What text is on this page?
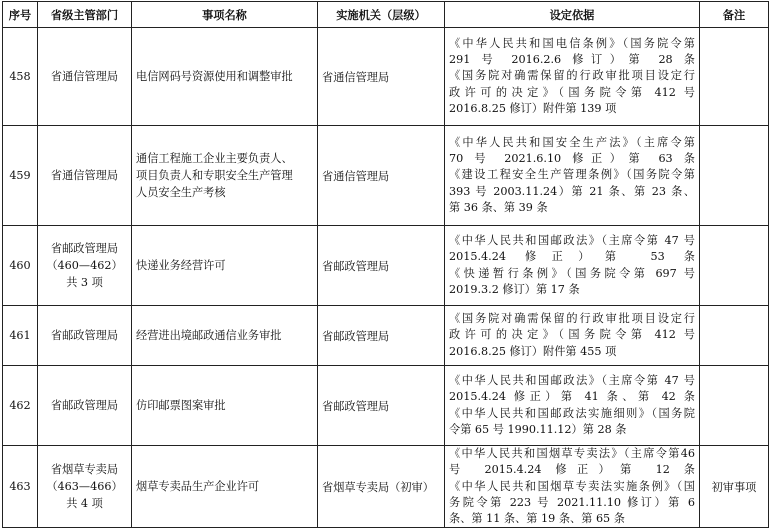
序号	省级主管部门	事项名称	实施机关（层级）	设定依据	备注
458	省通信管理局	电信网码号资源使用和调整审批	省通信管理局	《中华人民共和国电信条例》（国务院令第
291 号 2016.2.6 修订）第 28 条
《国务院对确需保留的行政审批项目设定行
政许可的决定》（国务院令第 412 号
2016.8.25 修订）附件第 139 项	

459	省通信管理局	通信工程施工企业主要负责人、
项目负责人和专职安全生产管理
人员安全生产考核	省通信管理局	《中华人民共和国安全生产法》（主席令第
70 号 2021.6.10 修正）第 63 条
《建设工程安全生产管理条例》（国务院令第
393 号 2003.11.24）第 21 条、第 23 条、
第 36 条、第 39 条	

460	省邮政管理局
（460—462）
共 3 项	快递业务经营许可	省邮政管理局	《中华人民共和国邮政法》（主席令第 47 号
2015.4.24 修正）第 53 条
《快递暂行条例》（国务院令第 697 号
2019.3.2 修订）第 17 条	

461	省邮政管理局	经营进出境邮政通信业务审批	省邮政管理局	《国务院对确需保留的行政审批项目设定行
政许可的决定》（国务院令第 412 号
2016.8.25 修订）附件第 455 项	

462	省邮政管理局	仿印邮票图案审批	省邮政管理局	《中华人民共和国邮政法》（主席令第 47 号
2015.4.24 修正）第 41 条、第 42 条
《中华人民共和国邮政法实施细则》（国务院
令第 65 号 1990.11.12）第 28 条	

463	省烟草专卖局
（463—466）
共 4 项	烟草专卖品生产企业许可	省烟草专卖局（初审）	《中华人民共和国烟草专卖法》（主席令第46
号 2015.4.24 修正）第 12 条
《中华人民共和国烟草专卖法实施条例》（国
务院令第 223 号 2021.11.10 修订）第 6
条、第 11 条、第 19 条、第 65 条	初审事项
